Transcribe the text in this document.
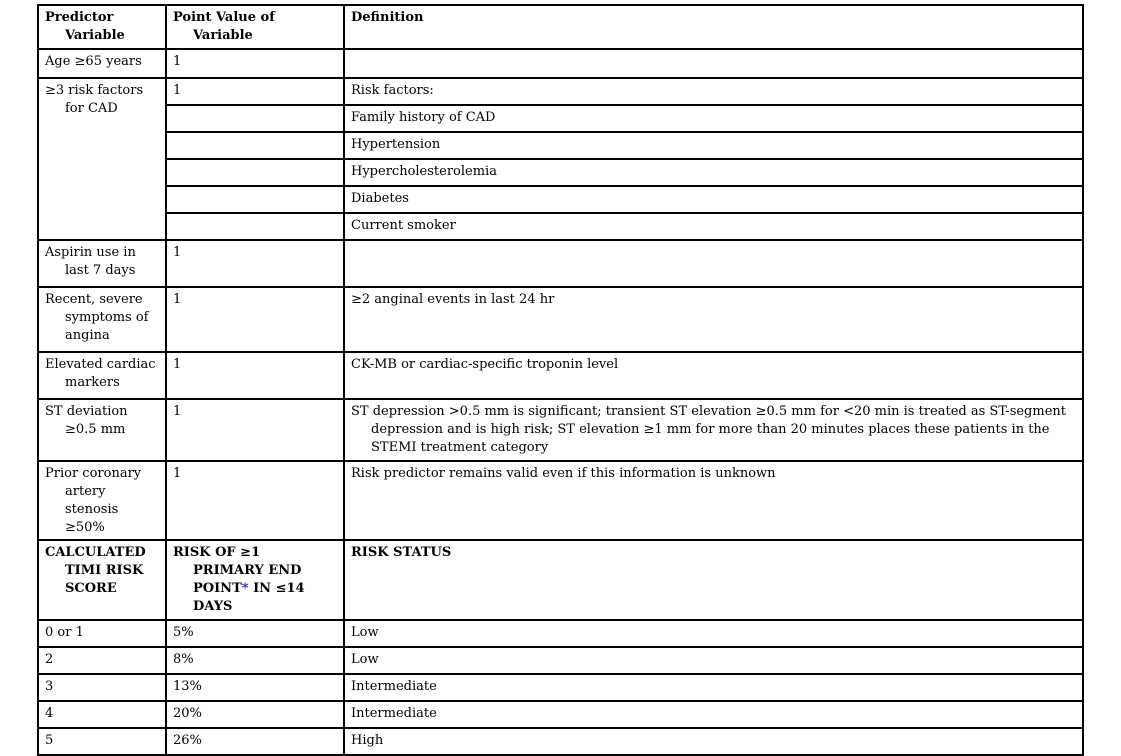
Predictor Variable	Point Value of Variable	Definition

Age ≥65 years	1	

≥3 risk factors for CAD	1	Risk factors:

		Family history of CAD

		Hypertension

		Hypercholesterolemia

		Diabetes

		Current smoker

Aspirin use in last 7 days	1	

Recent, severe symptoms of angina	1	≥2 anginal events in last 24 hr

Elevated cardiac markers	1	CK-MB or cardiac-specific troponin level

ST deviation ≥0.5 mm	1	ST depression >0.5 mm is significant; transient ST elevation ≥0.5 mm for <20 min is treated as ST-segment depression and is high risk; ST elevation ≥1 mm for more than 20 minutes places these patients in the STEMI treatment category

Prior coronary artery stenosis ≥50%	1	Risk predictor remains valid even if this information is unknown

CALCULATED TIMI RISK SCORE	RISK OF ≥1 PRIMARY END POINT* IN ≤14 DAYS	RISK STATUS

0 or 1	5%	Low

2	8%	Low

3	13%	Intermediate

4	20%	Intermediate

5	26%	High
